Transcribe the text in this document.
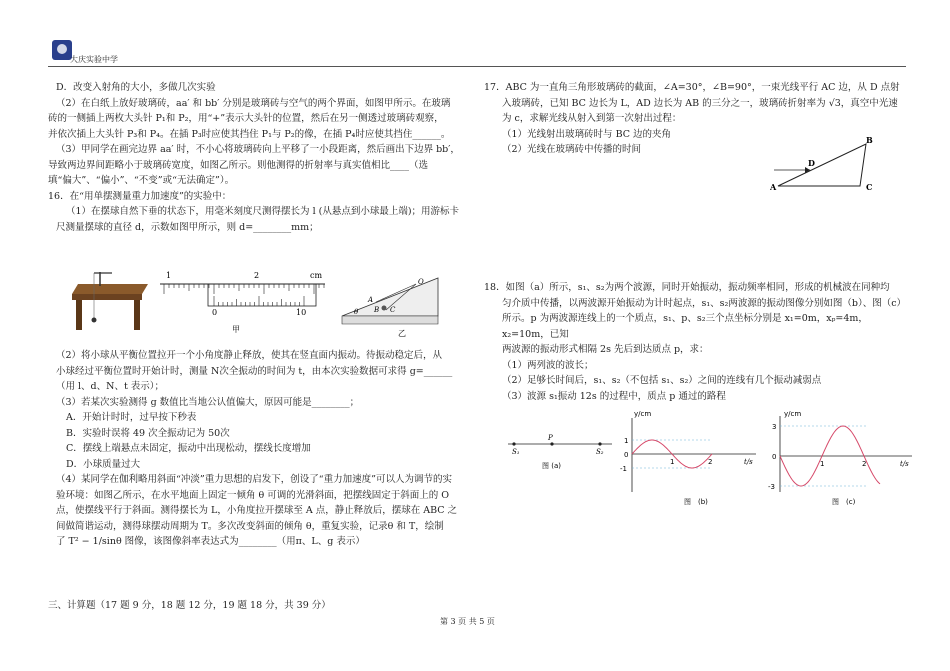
大庆实验中学

D．改变入射角的大小，多做几次实验

（2）在白纸上放好玻璃砖，aa′ 和 bb′ 分别是玻璃砖与空气的两个界面，如图甲所示。在玻璃

砖的一侧插上两枚大头针 P₁和 P₂，用“+”表示大头针的位置，然后在另一侧透过玻璃砖观察，

并依次插上大头针 P₃和 P₄。在插 P₃时应使其挡住 P₁与 P₂的像，在插 P₄时应使其挡住______。

（3）甲同学在画完边界 aa′ 时，不小心将玻璃砖向上平移了一小段距离，然后画出下边界 bb′，

导致两边界间距略小于玻璃砖宽度，如图乙所示。则他测得的折射率与真实值相比____（选

填“偏大”、“偏小”、“不变”或“无法确定”）。

16．在“用单摆测量重力加速度”的实验中：

（1）在摆球自然下垂的状态下，用毫米刻度尺测得摆长为 l (从悬点到小球最上端)；用游标卡

尺测量摆球的直径 d，示数如图甲所示，则 d=________mm；

1	2	cm
0	10
甲
O
A
B C
θ
乙

（2）将小球从平衡位置拉开一个小角度静止释放，使其在竖直面内振动。待振动稳定后，从

小球经过平衡位置时开始计时，测量 N次全振动的时间为 t，由本次实验数据可求得 g=______

（用 l、d、N、t 表示）；

（3）若某次实验测得 g 数值比当地公认值偏大，原因可能是________；

A．开始计时时，过早按下秒表

B．实验时误将 49 次全振动记为 50次

C．摆线上端悬点未固定，振动中出现松动，摆线长度增加

D．小球质量过大

（4）某同学在伽利略用斜面“冲淡”重力思想的启发下，创设了“重力加速度”可以人为调节的实

验环境：如图乙所示，在水平地面上固定一倾角 θ 可调的光滑斜面，把摆线固定于斜面上的 O

点，使摆线平行于斜面。测得摆长为 L，小角度拉开摆球至 A 点，静止释放后，摆球在 ABC 之

间做简谐运动，测得球摆动周期为 T。多次改变斜面的倾角 θ，重复实验，记录θ 和 T，绘制

了 T² − 1/sinθ 图像，该图像斜率表达式为________（用π、L、g 表示）

17．ABC 为一直角三角形玻璃砖的截面，∠A=30°，∠B=90°，一束光线平行 AC 边，从 D 点射

入玻璃砖，已知 BC 边长为 L，AD 边长为 AB 的三分之一，玻璃砖折射率为 √3，真空中光速

为 c，求解光线从射入到第一次射出过程：

（1）光线射出玻璃砖时与 BC 边的夹角

（2）光线在玻璃砖中传播的时间

A
B
C
D

18．如图（a）所示，s₁、s₂为两个波源，同时开始振动，振动频率相同，形成的机械波在同种均

匀介质中传播，以两波源开始振动为计时起点，s₁、s₂两波源的振动图像分别如图（b）、图（c）

所示。p 为两波源连线上的一个质点，s₁、p、s₂三个点坐标分别是 x₁=0m，xₚ=4m，x₂=10m，已知

两波源的振动形式相隔 2s 先后到达质点 p，求：

（1）两列波的波长；

（2）足够长时间后，s₁、s₂（不包括 s₁、s₂）之间的连线有几个振动减弱点

（3）波源 s₁振动 12s 的过程中，质点 p 通过的路程

S₁
P
S₂
图 (a)
y/cm
t/s
1
0
-1
1	2
图　(b)
y/cm
t/s
3
0
-3
1	2
图　(c)
三、计算题（17 题 9 分，18 题 12 分，19 题 18 分，共 39 分）
第 3 页 共 5 页
